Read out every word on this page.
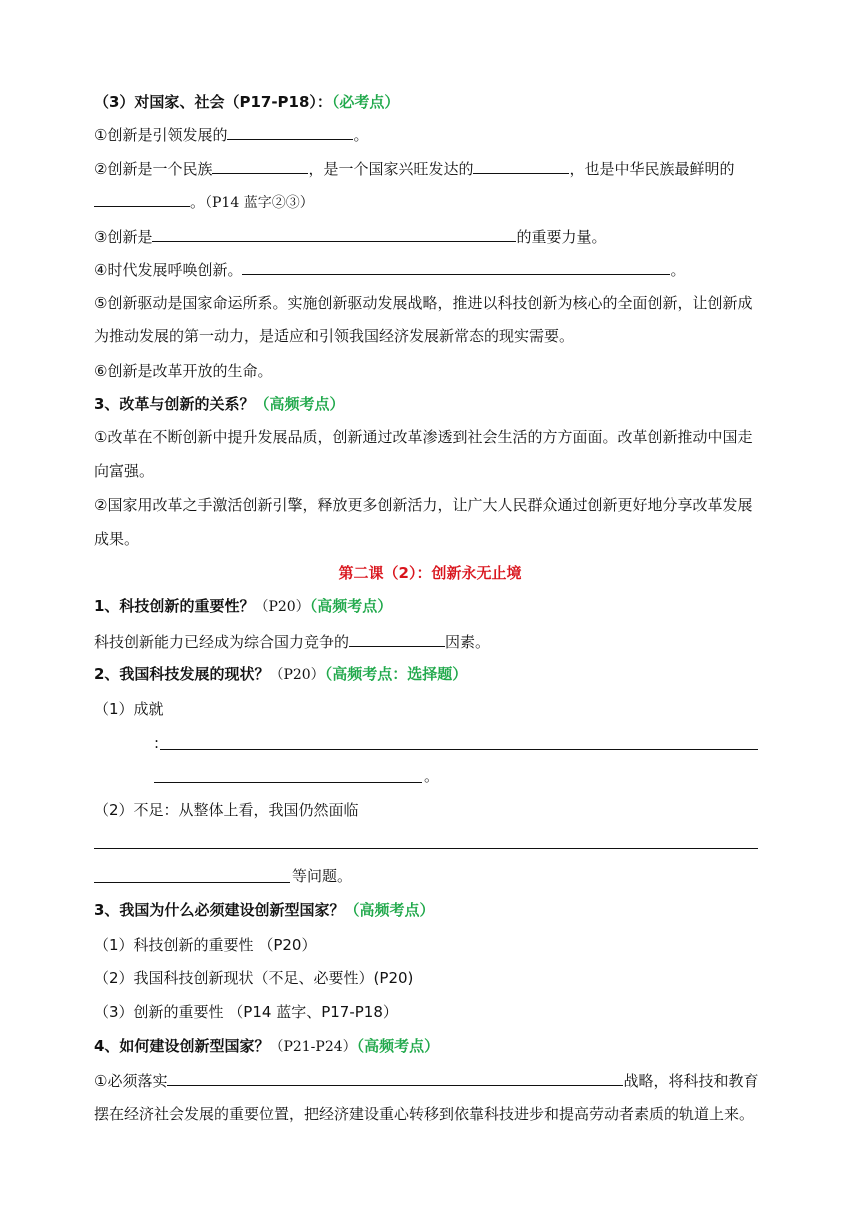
（3）对国家、社会（P17-P18）：（必考点）
①创新是引领发展的	。
②创新是一个民族	，是一个国家兴旺发达的	，也是中华民族最鲜明的
。（P14 蓝字②③）
③创新是	的重要力量。
④时代发展呼唤创新。	。
⑤创新驱动是国家命运所系。实施创新驱动发展战略，推进以科技创新为核心的全面创新，让创新成
为推动发展的第一动力，是适应和引领我国经济发展新常态的现实需要。
⑥创新是改革开放的生命。
3、改革与创新的关系？（高频考点）
①改革在不断创新中提升发展品质，创新通过改革渗透到社会生活的方方面面。改革创新推动中国走
向富强。
②国家用改革之手激活创新引擎，释放更多创新活力，让广大人民群众通过创新更好地分享改革发展
成果。
第二课（2）：创新永无止境
1、科技创新的重要性？（P20）（高频考点）
科技创新能力已经成为综合国力竞争的	因素。
2、我国科技发展的现状？（P20）（高频考点：选择题）
（1）成就
:
。
（2）不足：从整体上看，我国仍然面临
等问题。
3、我国为什么必须建设创新型国家？（高频考点）
（1）科技创新的重要性 （P20）
（2）我国科技创新现状（不足、必要性）(P20)
（3）创新的重要性 （P14 蓝字、P17-P18）
4、如何建设创新型国家？（P21-P24）（高频考点）
①必须落实	战略，将科技和教育
摆在经济社会发展的重要位置，把经济建设重心转移到依靠科技进步和提高劳动者素质的轨道上来。
